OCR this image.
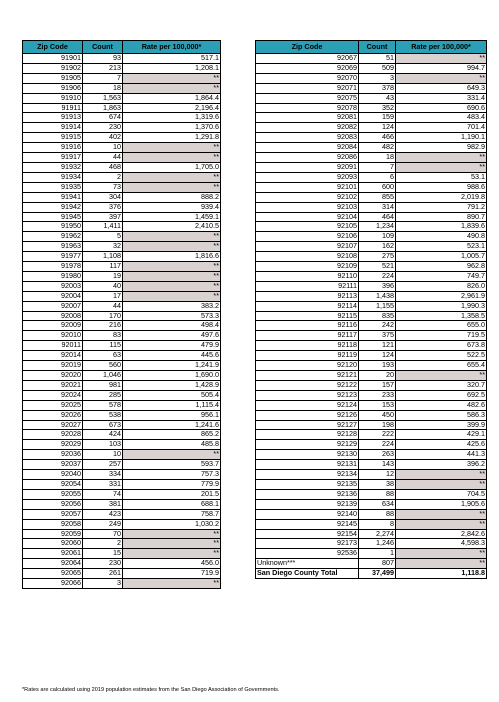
Zip Code	Count	Rate per 100,000*
91901	93	517.1
91902	213	1,208.1
91905	7	**
91906	18	**
91910	1,563	1,864.4
91911	1,863	2,196.4
91913	674	1,319.6
91914	230	1,370.6
91915	402	1,291.8
91916	10	**
91917	44	**
91932	468	1,705.0
91934	2	**
91935	73	**
91941	304	888.2
91942	376	939.4
91945	397	1,459.1
91950	1,411	2,410.5
91962	5	**
91963	32	**
91977	1,108	1,816.6
91978	117	**
91980	19	**
92003	40	**
92004	17	**
92007	44	383.2
92008	170	573.3
92009	216	498.4
92010	83	497.6
92011	115	479.9
92014	63	445.6
92019	560	1,241.9
92020	1,046	1,690.0
92021	981	1,428.9
92024	285	505.4
92025	578	1,115.4
92026	538	956.1
92027	673	1,241.6
92028	424	865.2
92029	103	485.8
92036	10	**
92037	257	593.7
92040	334	757.3
92054	331	779.9
92055	74	201.5
92056	381	688.1
92057	423	758.7
92058	249	1,030.2
92059	70	**
92060	2	**
92061	15	**
92064	230	456.0
92065	261	719.9
92066	3	**
Zip Code	Count	Rate per 100,000*
92067	51	**
92069	509	994.7
92070	3	**
92071	378	649.3
92075	43	331.4
92078	352	690.6
92081	159	483.4
92082	124	701.4
92083	466	1,190.1
92084	482	982.9
92086	18	**
92091	7	**
92093	6	53.1
92101	600	988.6
92102	855	2,019.8
92103	314	791.2
92104	464	890.7
92105	1,234	1,839.6
92106	109	490.8
92107	162	523.1
92108	275	1,005.7
92109	521	962.8
92110	224	749.7
92111	396	826.0
92113	1,438	2,961.9
92114	1,155	1,990.3
92115	835	1,358.5
92116	242	655.0
92117	375	719.5
92118	121	673.8
92119	124	522.5
92120	193	655.4
92121	20	**
92122	157	320.7
92123	233	692.5
92124	153	482.6
92126	450	586.3
92127	198	399.9
92128	222	429.1
92129	224	425.6
92130	263	441.3
92131	143	396.2
92134	12	**
92135	38	**
92136	88	704.5
92139	634	1,905.6
92140	88	**
92145	8	**
92154	2,274	2,842.6
92173	1,246	4,598.3
92536	1	**
Unknown***	807	**
San Diego County Total	37,499	1,118.8
*Rates are calculated using 2019 population estimates from the San Diego Association of Governments.
